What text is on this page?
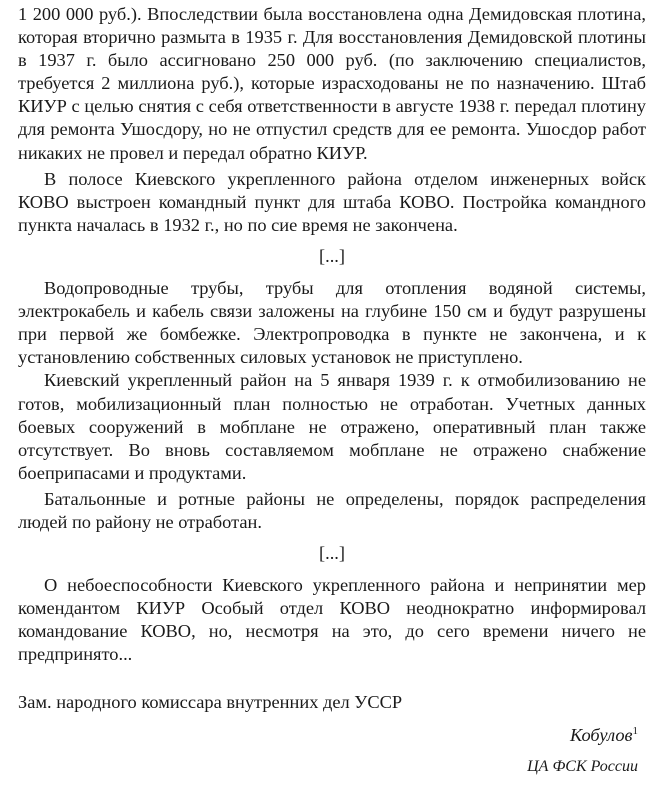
1 200 000 руб.). Впоследствии была восстановлена одна Демидовская плотина, которая вторично размыта в 1935 г. Для восстановления Демидовской плотины в 1937 г. было ассигновано 250 000 руб. (по заключению специалистов, требуется 2 миллиона руб.), которые израсходованы не по назначению. Штаб КИУР с целью снятия с себя ответственности в августе 1938 г. передал плотину для ремонта Ушосдору, но не отпустил средств для ее ремонта. Ушосдор работ никаких не провел и передал обратно КИУР.

В полосе Киевского укрепленного района отделом инженерных войск КОВО выстроен командный пункт для штаба КОВО. Постройка командного пункта началась в 1932 г., но по сие время не закончена.

[...]

Водопроводные трубы, трубы для отопления водяной системы, электрокабель и кабель связи заложены на глубине 150 см и будут разрушены при первой же бомбежке. Электропроводка в пункте не закончена, и к установлению собственных силовых установок не приступлено.

Киевский укрепленный район на 5 января 1939 г. к отмобилизованию не готов, мобилизационный план полностью не отработан. Учетных данных боевых сооружений в мобплане не отражено, оперативный план также отсутствует. Во вновь составляемом мобплане не отражено снабжение боеприпасами и продуктами.

Батальонные и ротные районы не определены, порядок распределения людей по району не отработан.

[...]

О небоеспособности Киевского укрепленного района и непринятии мер комендантом КИУР Особый отдел КОВО неоднократно информировал командование КОВО, но, несмотря на это, до сего времени ничего не предпринято...

Зам. народного комиссара внутренних дел УССР
Кобулов$^1$
ЦА ФСК России
